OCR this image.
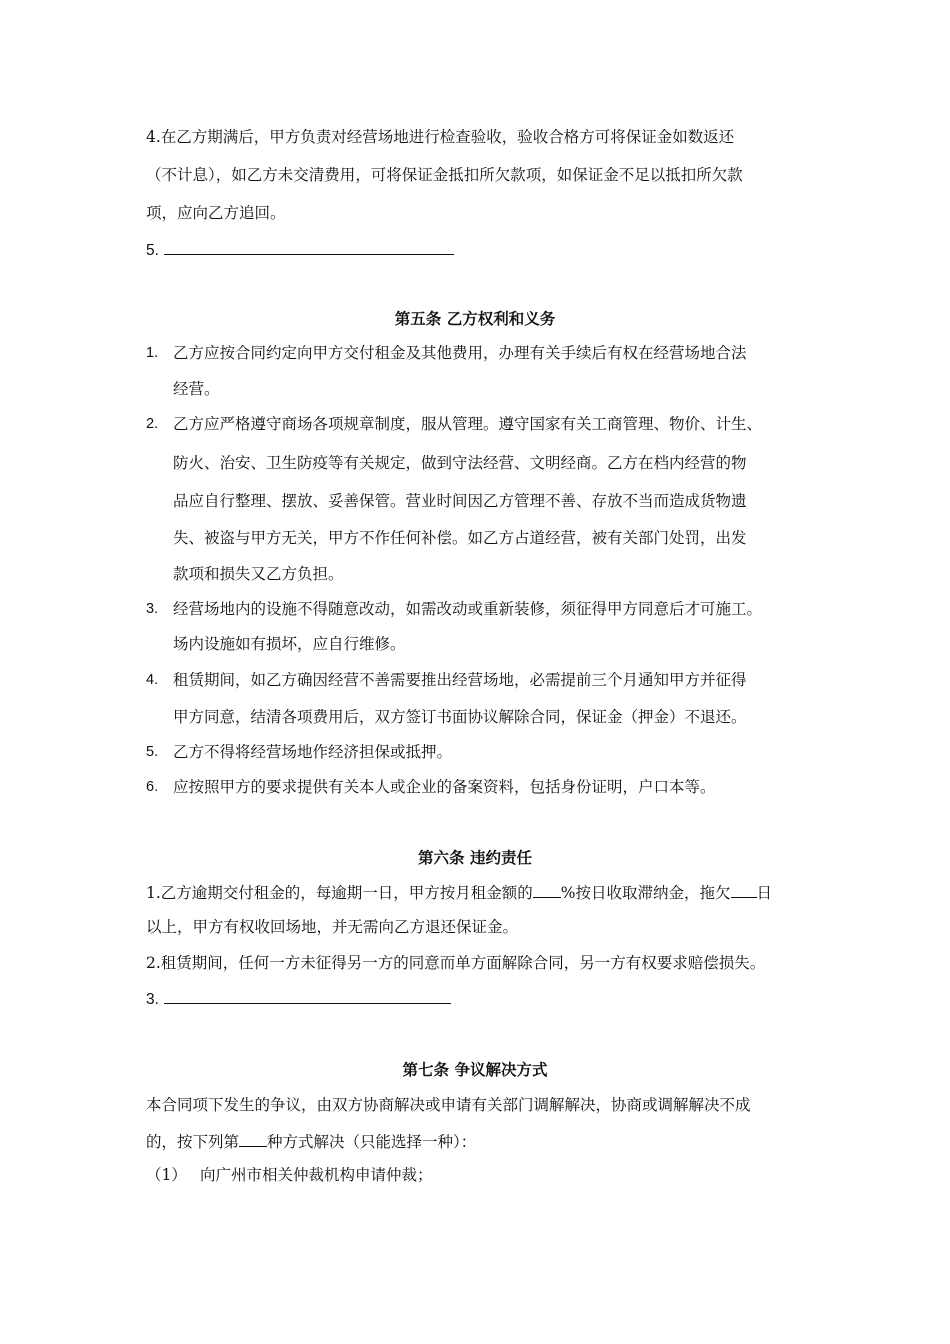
4.在乙方期满后，甲方负责对经营场地进行检查验收，验收合格方可将保证金如数返还
（不计息），如乙方未交清费用，可将保证金抵扣所欠款项，如保证金不足以抵扣所欠款
项，应向乙方追回。
5.
第五条 乙方权利和义务
1. 乙方应按合同约定向甲方交付租金及其他费用，办理有关手续后有权在经营场地合法
经营。
2. 乙方应严格遵守商场各项规章制度，服从管理。遵守国家有关工商管理、物价、计生、
防火、治安、卫生防疫等有关规定，做到守法经营、文明经商。乙方在档内经营的物
品应自行整理、摆放、妥善保管。营业时间因乙方管理不善、存放不当而造成货物遗
失、被盗与甲方无关，甲方不作任何补偿。如乙方占道经营，被有关部门处罚，出发
款项和损失又乙方负担。
3. 经营场地内的设施不得随意改动，如需改动或重新装修，须征得甲方同意后才可施工。
场内设施如有损坏，应自行维修。
4. 租赁期间，如乙方确因经营不善需要推出经营场地，必需提前三个月通知甲方并征得
甲方同意，结清各项费用后，双方签订书面协议解除合同，保证金（押金）不退还。
5. 乙方不得将经营场地作经济担保或抵押。
6. 应按照甲方的要求提供有关本人或企业的备案资料，包括身份证明，户口本等。
第六条 违约责任
1.乙方逾期交付租金的，每逾期一日，甲方按月租金额的 %按日收取滞纳金，拖欠 日
以上，甲方有权收回场地，并无需向乙方退还保证金。
2.租赁期间，任何一方未征得另一方的同意而单方面解除合同，另一方有权要求赔偿损失。
3.
第七条 争议解决方式
本合同项下发生的争议，由双方协商解决或申请有关部门调解解决，协商或调解解决不成
的，按下列第 种方式解决（只能选择一种）：
（1） 向广州市相关仲裁机构申请仲裁；
